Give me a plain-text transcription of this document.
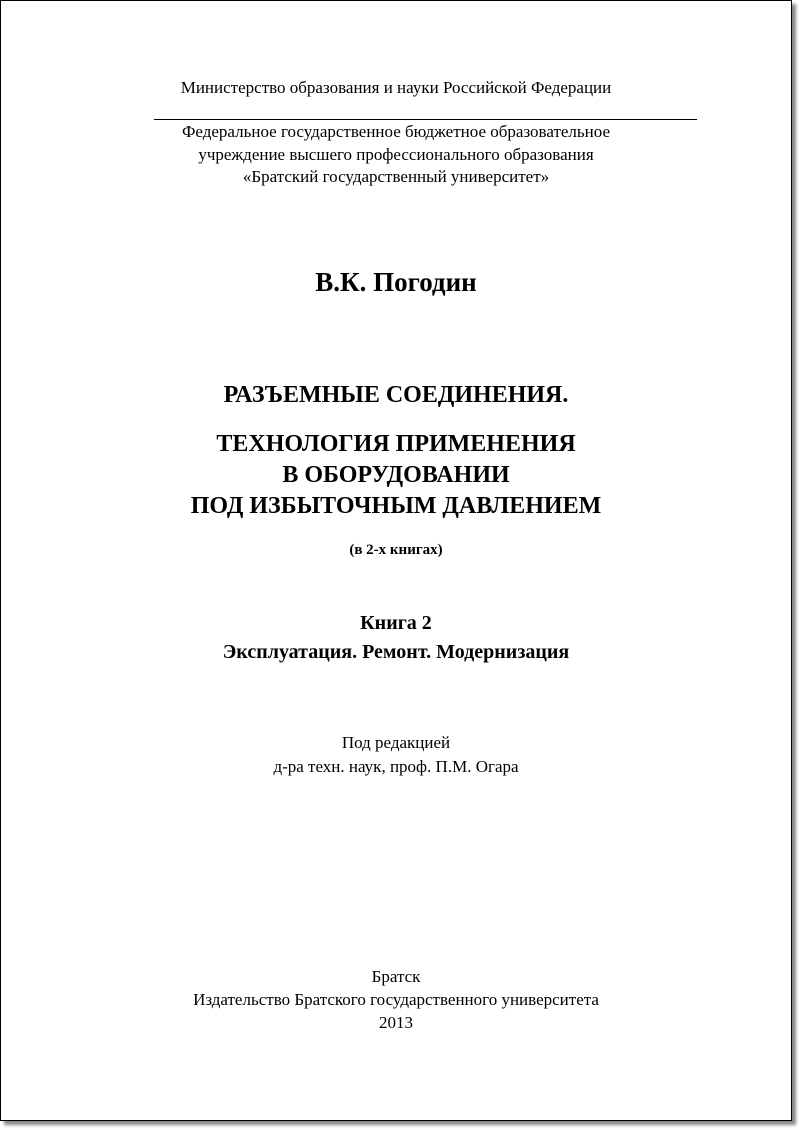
Министерство образования и науки Российской Федерации
Федеральное государственное бюджетное образовательное
учреждение высшего профессионального образования
«Братский государственный университет»
В.К. Погодин
РАЗЪЕМНЫЕ СОЕДИНЕНИЯ.
ТЕХНОЛОГИЯ ПРИМЕНЕНИЯ
В ОБОРУДОВАНИИ
ПОД ИЗБЫТОЧНЫМ ДАВЛЕНИЕМ
(в 2-х книгах)
Книга 2
Эксплуатация. Ремонт. Модернизация
Под редакцией
д-ра техн. наук, проф. П.М. Огара
Братск
Издательство Братского государственного университета
2013
